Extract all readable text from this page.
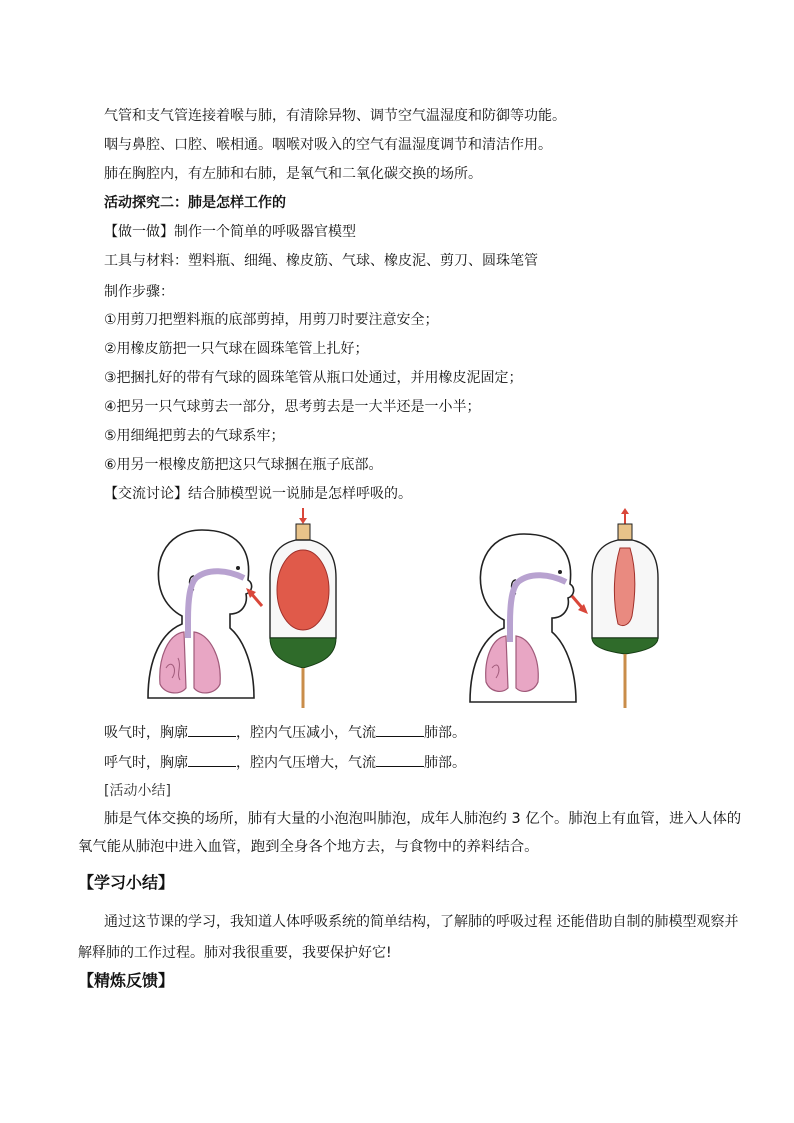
气管和支气管连接着喉与肺，有清除异物、调节空气温湿度和防御等功能。
咽与鼻腔、口腔、喉相通。咽喉对吸入的空气有温湿度调节和清洁作用。
肺在胸腔内，有左肺和右肺，是氧气和二氧化碳交换的场所。
活动探究二：肺是怎样工作的
【做一做】制作一个简单的呼吸器官模型
工具与材料：塑料瓶、细绳、橡皮筋、气球、橡皮泥、剪刀、圆珠笔管
制作步骤：
①用剪刀把塑料瓶的底部剪掉，用剪刀时要注意安全；
②用橡皮筋把一只气球在圆珠笔管上扎好；
③把捆扎好的带有气球的圆珠笔管从瓶口处通过，并用橡皮泥固定；
④把另一只气球剪去一部分，思考剪去是一大半还是一小半；
⑤用细绳把剪去的气球系牢；
⑥用另一根橡皮筋把这只气球捆在瓶子底部。
【交流讨论】结合肺模型说一说肺是怎样呼吸的。
吸气时，胸廓	，腔内气压减小，气流	肺部。
呼气时，胸廓	，腔内气压增大，气流	肺部。
[活动小结]
肺是气体交换的场所，肺有大量的小泡泡叫肺泡，成年人肺泡约 3 亿个。肺泡上有血管，进入人体的氧气能从肺泡中进入血管，跑到全身各个地方去，与食物中的养料结合。
【学习小结】
通过这节课的学习，我知道人体呼吸系统的简单结构，了解肺的呼吸过程 还能借助自制的肺模型观察并解释肺的工作过程。肺对我很重要，我要保护好它!
【精炼反馈】
